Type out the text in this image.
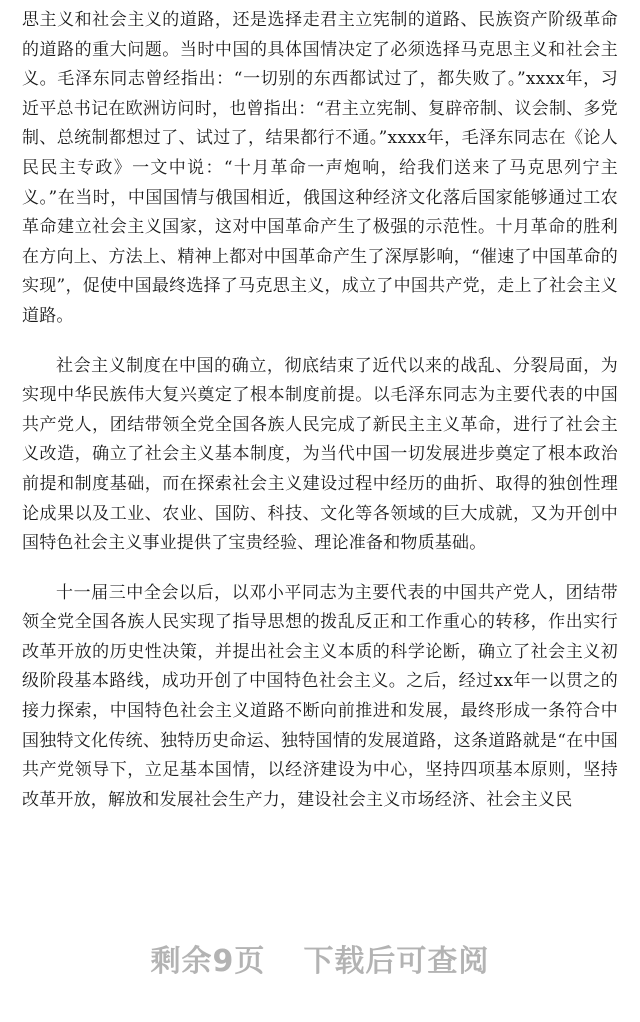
思主义和社会主义的道路，还是选择走君主立宪制的道路、民族资产阶级革命的道路的重大问题。当时中国的具体国情决定了必须选择马克思主义和社会主义。毛泽东同志曾经指出：“一切别的东西都试过了，都失败了。”xxxx年，习近平总书记在欧洲访问时，也曾指出：“君主立宪制、复辟帝制、议会制、多党制、总统制都想过了、试过了，结果都行不通。”xxxx年，毛泽东同志在《论人民民主专政》一文中说：“十月革命一声炮响，给我们送来了马克思列宁主义。”在当时，中国国情与俄国相近，俄国这种经济文化落后国家能够通过工农革命建立社会主义国家，这对中国革命产生了极强的示范性。十月革命的胜利在方向上、方法上、精神上都对中国革命产生了深厚影响，“催速了中国革命的实现”，促使中国最终选择了马克思主义，成立了中国共产党，走上了社会主义道路。

社会主义制度在中国的确立，彻底结束了近代以来的战乱、分裂局面，为实现中华民族伟大复兴奠定了根本制度前提。以毛泽东同志为主要代表的中国共产党人，团结带领全党全国各族人民完成了新民主主义革命，进行了社会主义改造，确立了社会主义基本制度，为当代中国一切发展进步奠定了根本政治前提和制度基础，而在探索社会主义建设过程中经历的曲折、取得的独创性理论成果以及工业、农业、国防、科技、文化等各领域的巨大成就，又为开创中国特色社会主义事业提供了宝贵经验、理论准备和物质基础。

十一届三中全会以后，以邓小平同志为主要代表的中国共产党人，团结带领全党全国各族人民实现了指导思想的拨乱反正和工作重心的转移，作出实行改革开放的历史性决策，并提出社会主义本质的科学论断，确立了社会主义初级阶段基本路线，成功开创了中国特色社会主义。之后，经过xx年一以贯之的接力探索，中国特色社会主义道路不断向前推进和发展，最终形成一条符合中国独特文化传统、独特历史命运、独特国情的发展道路，这条道路就是“在中国共产党领导下，立足基本国情，以经济建设为中心，坚持四项基本原则，坚持改革开放，解放和发展社会生产力，建设社会主义市场经济、社会主义民

剩余9页 下载后可查阅
